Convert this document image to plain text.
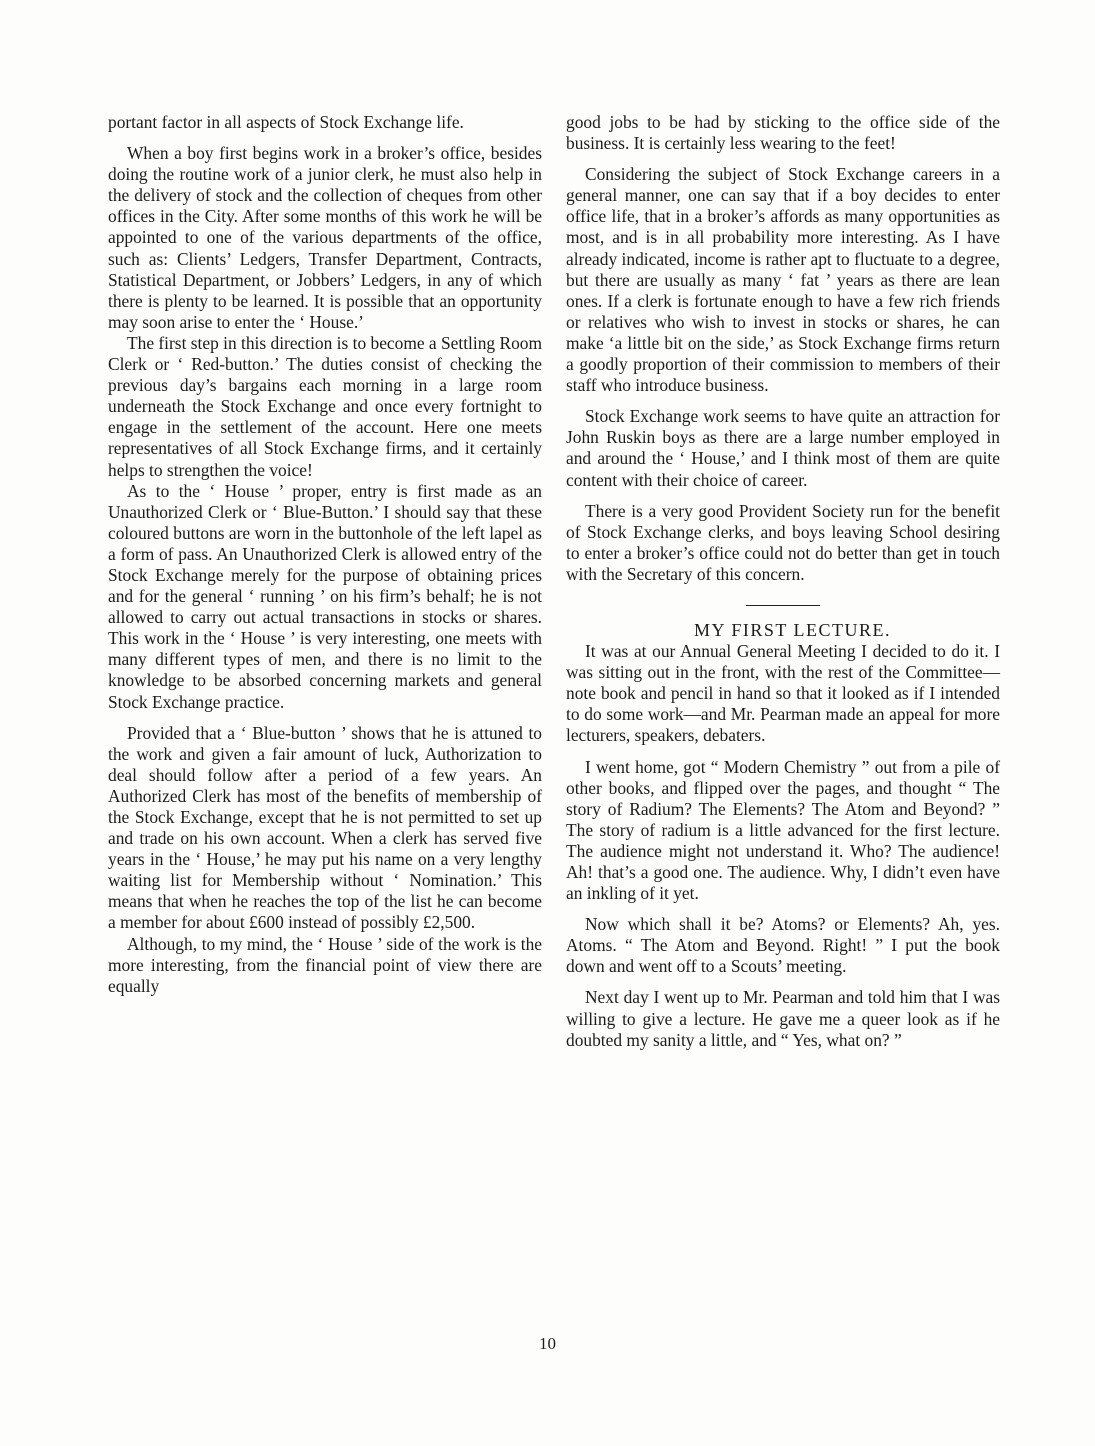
portant factor in all aspects of Stock Exchange life.

When a boy first begins work in a broker’s office, besides doing the routine work of a junior clerk, he must also help in the delivery of stock and the collection of cheques from other offices in the City. After some months of this work he will be appointed to one of the various departments of the office, such as: Clients’ Ledgers, Transfer Department, Contracts, Statistical Department, or Jobbers’ Ledgers, in any of which there is plenty to be learned. It is possible that an opportunity may soon arise to enter the ‘ House.’

The first step in this direction is to become a Settling Room Clerk or ‘ Red-button.’ The duties consist of checking the previous day’s bargains each morning in a large room underneath the Stock Exchange and once every fortnight to engage in the settlement of the account. Here one meets representatives of all Stock Exchange firms, and it certainly helps to strengthen the voice!

As to the ‘ House ’ proper, entry is first made as an Unauthorized Clerk or ‘ Blue-Button.’ I should say that these coloured buttons are worn in the buttonhole of the left lapel as a form of pass. An Unauthorized Clerk is allowed entry of the Stock Exchange merely for the purpose of obtaining prices and for the general ‘ running ’ on his firm’s behalf; he is not allowed to carry out actual transactions in stocks or shares. This work in the ‘ House ’ is very interesting, one meets with many different types of men, and there is no limit to the knowledge to be absorbed concerning markets and general Stock Exchange practice.

Provided that a ‘ Blue-button ’ shows that he is attuned to the work and given a fair amount of luck, Authorization to deal should follow after a period of a few years. An Authorized Clerk has most of the benefits of membership of the Stock Exchange, except that he is not permitted to set up and trade on his own account. When a clerk has served five years in the ‘ House,’ he may put his name on a very lengthy waiting list for Membership without ‘ Nomination.’ This means that when he reaches the top of the list he can become a member for about £600 instead of possibly £2,500.

Although, to my mind, the ‘ House ’ side of the work is the more interesting, from the financial point of view there are equally

good jobs to be had by sticking to the office side of the business. It is certainly less wearing to the feet!

Considering the subject of Stock Exchange careers in a general manner, one can say that if a boy decides to enter office life, that in a broker’s affords as many opportunities as most, and is in all probability more interesting. As I have already indicated, income is rather apt to fluctuate to a degree, but there are usually as many ‘ fat ’ years as there are lean ones. If a clerk is fortunate enough to have a few rich friends or relatives who wish to invest in stocks or shares, he can make ‘a little bit on the side,’ as Stock Exchange firms return a goodly proportion of their commission to members of their staff who introduce business.

Stock Exchange work seems to have quite an attraction for John Ruskin boys as there are a large number employed in and around the ‘ House,’ and I think most of them are quite content with their choice of career.

There is a very good Provident Society run for the benefit of Stock Exchange clerks, and boys leaving School desiring to enter a broker’s office could not do better than get in touch with the Secretary of this concern.

MY FIRST LECTURE.

It was at our Annual General Meeting I decided to do it. I was sitting out in the front, with the rest of the Committee—note book and pencil in hand so that it looked as if I intended to do some work—and Mr. Pearman made an appeal for more lecturers, speakers, debaters.

I went home, got “ Modern Chemistry ” out from a pile of other books, and flipped over the pages, and thought “ The story of Radium? The Elements? The Atom and Beyond? ” The story of radium is a little advanced for the first lecture. The audience might not understand it. Who? The audience! Ah! that’s a good one. The audience. Why, I didn’t even have an inkling of it yet.

Now which shall it be? Atoms? or Elements? Ah, yes. Atoms. “ The Atom and Beyond. Right! ” I put the book down and went off to a Scouts’ meeting.

Next day I went up to Mr. Pearman and told him that I was willing to give a lecture. He gave me a queer look as if he doubted my sanity a little, and “ Yes, what on? ”

10
